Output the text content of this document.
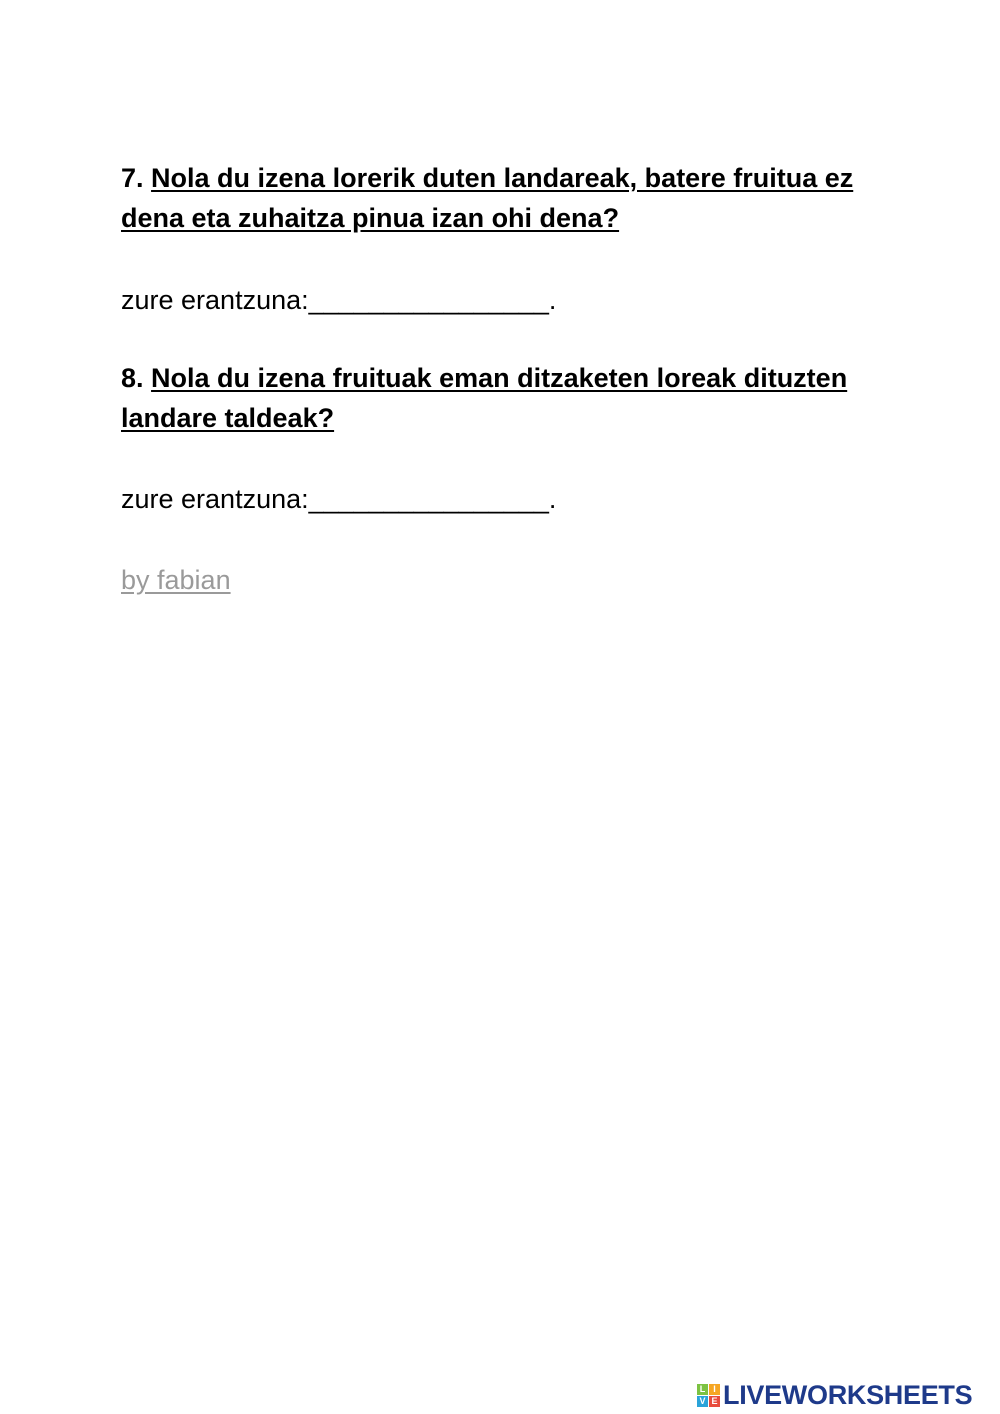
7. Nola du izena lorerik duten landareak, batere fruitua ez dena eta zuhaitza pinua izan ohi dena?

zure erantzuna:________________.

8. Nola du izena fruituak eman ditzaketen loreak dituzten landare taldeak?

zure erantzuna:________________.

by fabian
L I
V E LIVEWORKSHEETS
